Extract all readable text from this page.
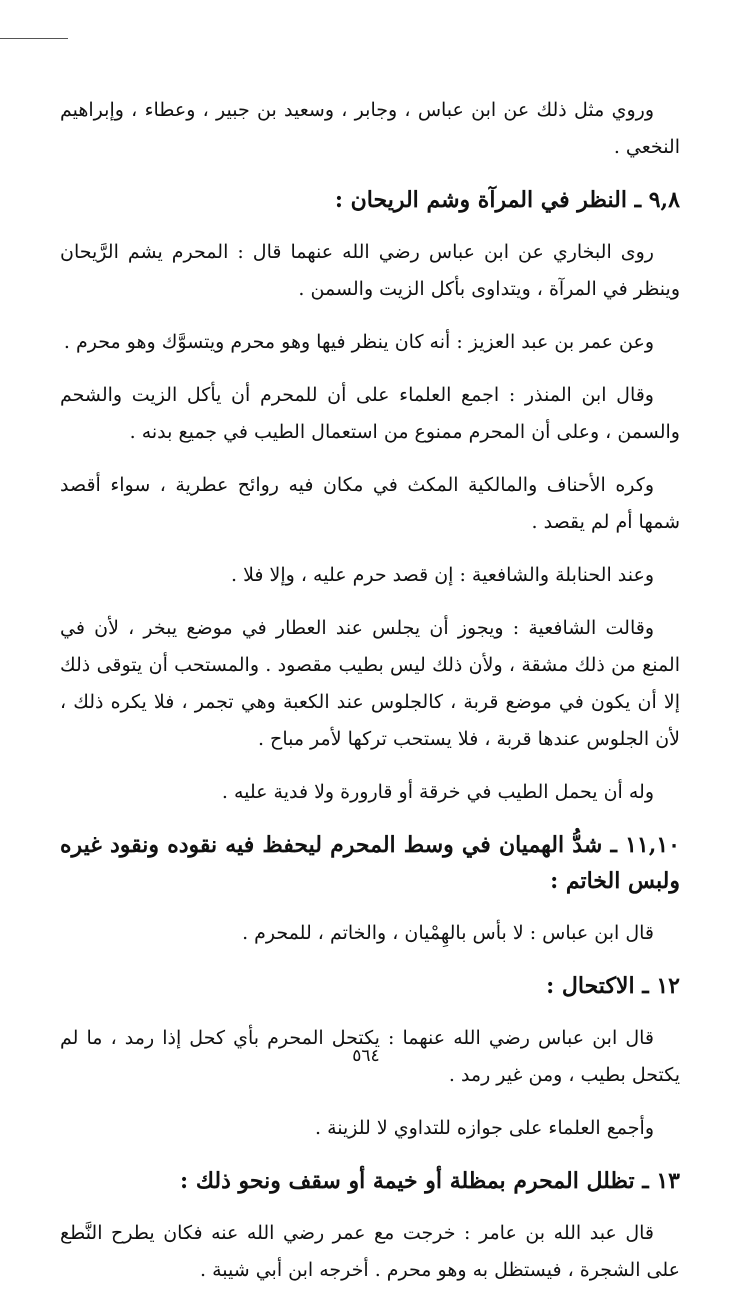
وروي مثل ذلك عن ابن عباس ، وجابر ، وسعيد بن جبير ، وعطاء ، وإبراهيم النخعي .

٩,٨ ـ النظر في المرآة وشم الريحان :

روى البخاري عن ابن عباس رضي الله عنهما قال : المحرم يشم الرَّيحان وينظر في المرآة ، ويتداوى بأكل الزيت والسمن .

وعن عمر بن عبد العزيز : أنه كان ينظر فيها وهو محرم ويتسوَّك وهو محرم .

وقال ابن المنذر : اجمع العلماء على أن للمحرم أن يأكل الزيت والشحم والسمن ، وعلى أن المحرم ممنوع من استعمال الطيب في جميع بدنه .

وكره الأحناف والمالكية المكث في مكان فيه روائح عطرية ، سواء أقصد شمها أم لم يقصد .

وعند الحنابلة والشافعية : إن قصد حرم عليه ، وإلا فلا .

وقالت الشافعية : ويجوز أن يجلس عند العطار في موضع يبخر ، لأن في المنع من ذلك مشقة ، ولأن ذلك ليس بطيب مقصود . والمستحب أن يتوقى ذلك إلا أن يكون في موضع قربة ، كالجلوس عند الكعبة وهي تجمر ، فلا يكره ذلك ، لأن الجلوس عندها قربة ، فلا يستحب تركها لأمر مباح .

وله أن يحمل الطيب في خرقة أو قارورة ولا فدية عليه .

١١,١٠ ـ شدُّ الهميان في وسط المحرم ليحفظ فيه نقوده ونقود غيره ولبس الخاتم :

قال ابن عباس : لا بأس بالهِمْيان ، والخاتم ، للمحرم .

١٢ ـ الاكتحال :

قال ابن عباس رضي الله عنهما : يكتحل المحرم بأي كحل إذا رمد ، ما لم يكتحل بطيب ، ومن غير رمد .

وأجمع العلماء على جوازه للتداوي لا للزينة .

١٣ ـ تظلل المحرم بمظلة أو خيمة أو سقف ونحو ذلك :

قال عبد الله بن عامر : خرجت مع عمر رضي الله عنه فكان يطرح النَّطع على الشجرة ، فيستظل به وهو محرم . أخرجه ابن أبي شيبة .

٥٦٤
